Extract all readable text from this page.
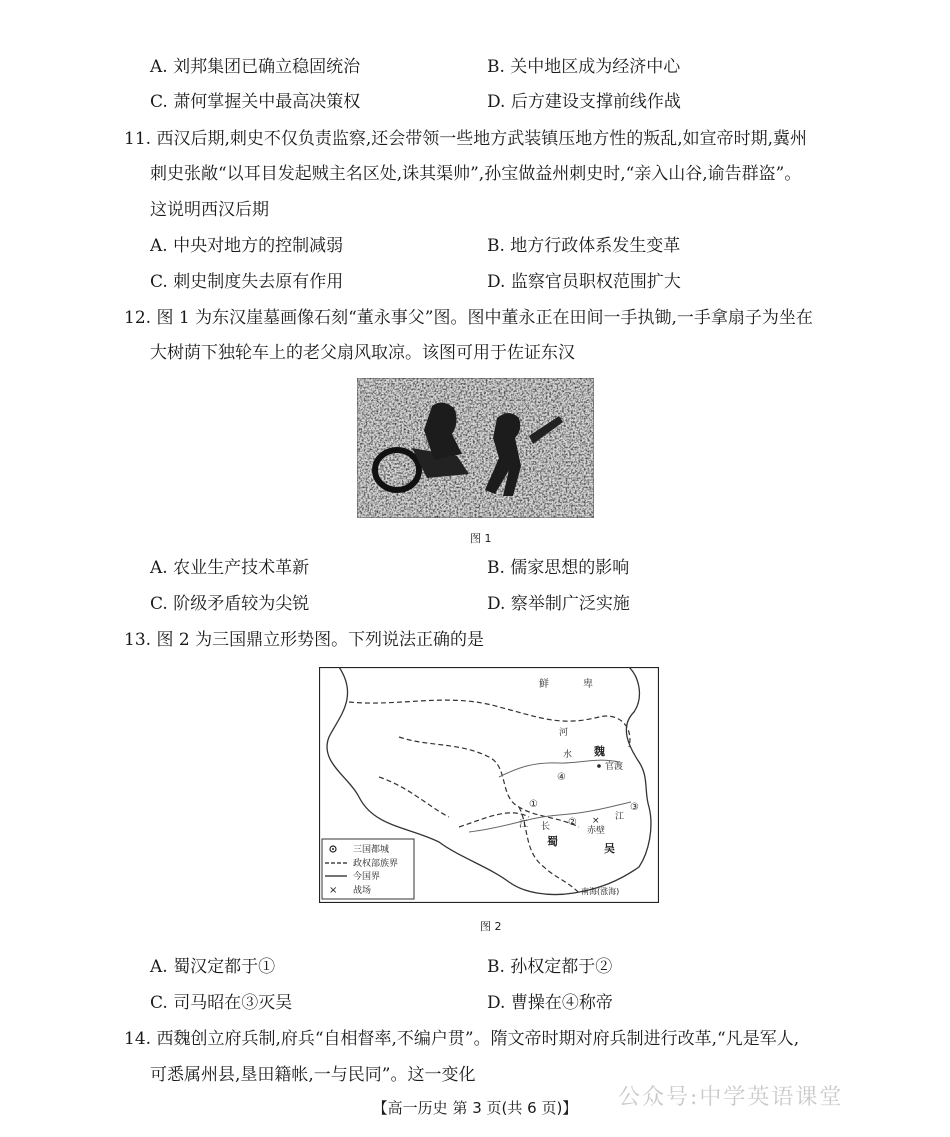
A. 刘邦集团已确立稳固统治	B. 关中地区成为经济中心
C. 萧何掌握关中最高决策权	D. 后方建设支撑前线作战
11. 西汉后期,刺史不仅负责监察,还会带领一些地方武装镇压地方性的叛乱,如宣帝时期,冀州
刺史张敞“以耳目发起贼主名区处,诛其渠帅”,孙宝做益州刺史时,“亲入山谷,谕告群盗”。
这说明西汉后期
A. 中央对地方的控制减弱	B. 地方行政体系发生变革
C. 刺史制度失去原有作用	D. 监察官员职权范围扩大
12. 图 1 为东汉崖墓画像石刻“董永事父”图。图中董永正在田间一手执锄,一手拿扇子为坐在
大树荫下独轮车上的老父扇风取凉。该图可用于佐证东汉
图 1
A. 农业生产技术革新	B. 儒家思想的影响
C. 阶级矛盾较为尖锐	D. 察举制广泛实施
13. 图 2 为三国鼎立形势图。下列说法正确的是
鲜	卑
河
水 魏
官渡
①
④
②
③
江 长
江
×
赤壁
蜀
吴
南海(涨海)
三国都城
政权部族界
今国界
× 战场
图 2
A. 蜀汉定都于①	B. 孙权定都于②
C. 司马昭在③灭吴	D. 曹操在④称帝
14. 西魏创立府兵制,府兵“自相督率,不编户贯”。隋文帝时期对府兵制进行改革,“凡是军人,
可悉属州县,垦田籍帐,一与民同”。这一变化
公众号:中学英语课堂
【高一历史 第 3 页(共 6 页)】
